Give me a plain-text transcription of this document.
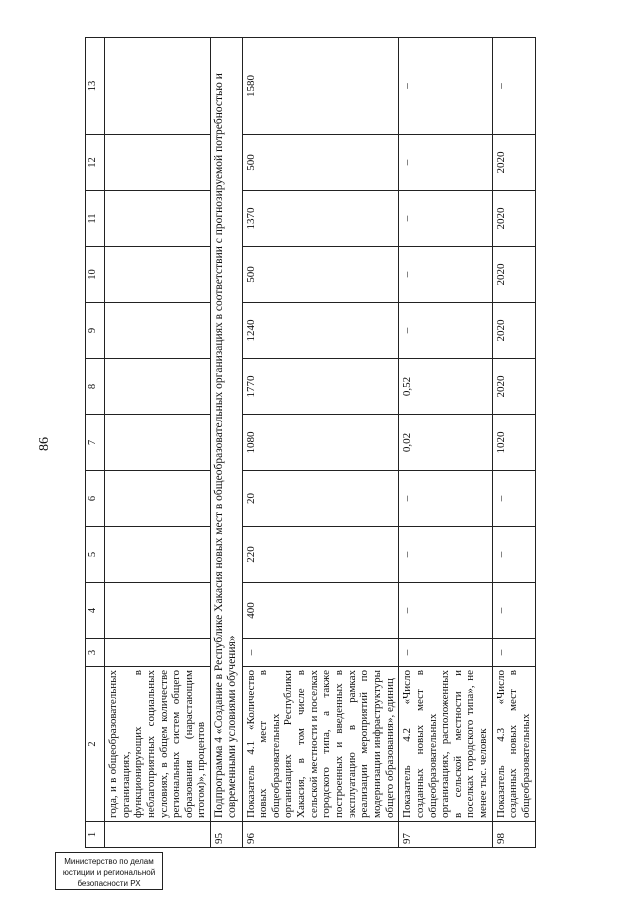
86
1	2	3	4	5	6	7	8	9	10	11	12	13
	года, и в общеобразовательных организациях, функционирующих в неблагоприятных социальных условиях, в общем количестве региональных систем общего образования (нарастающим итогом)», процентов											
95	Подпрограмма 4 «Создание в Республике Хакасия новых мест в общеобразовательных организациях в соответствии с прогнозируемой потребностью и современными условиями обучения»											
96	Показатель 4.1 «Количество новых мест в общеобразовательных организациях Республики Хакасия, в том числе в сельской местности и поселках городского типа, а также построенных и введенных в эксплуатацию в рамках реализации мероприятий по модернизации инфраструктуры общего образования», единиц	–	400	220	20	1080	1770	1240	500	1370	500	1580
97	Показатель 4.2 «Число созданных новых мест в общеобразовательных организациях, расположенных в сельской местности и поселках городского типа», не менее тыс. человек	–	–	–	–	0,02	0,52	–	–	–	–	–
98	Показатель 4.3 «Число созданных новых мест в общеобразовательных	–	–	–	–	1020	2020	2020	2020	2020	2020	–
Министерство по делам
юстиции и региональной
безопасности РХ
